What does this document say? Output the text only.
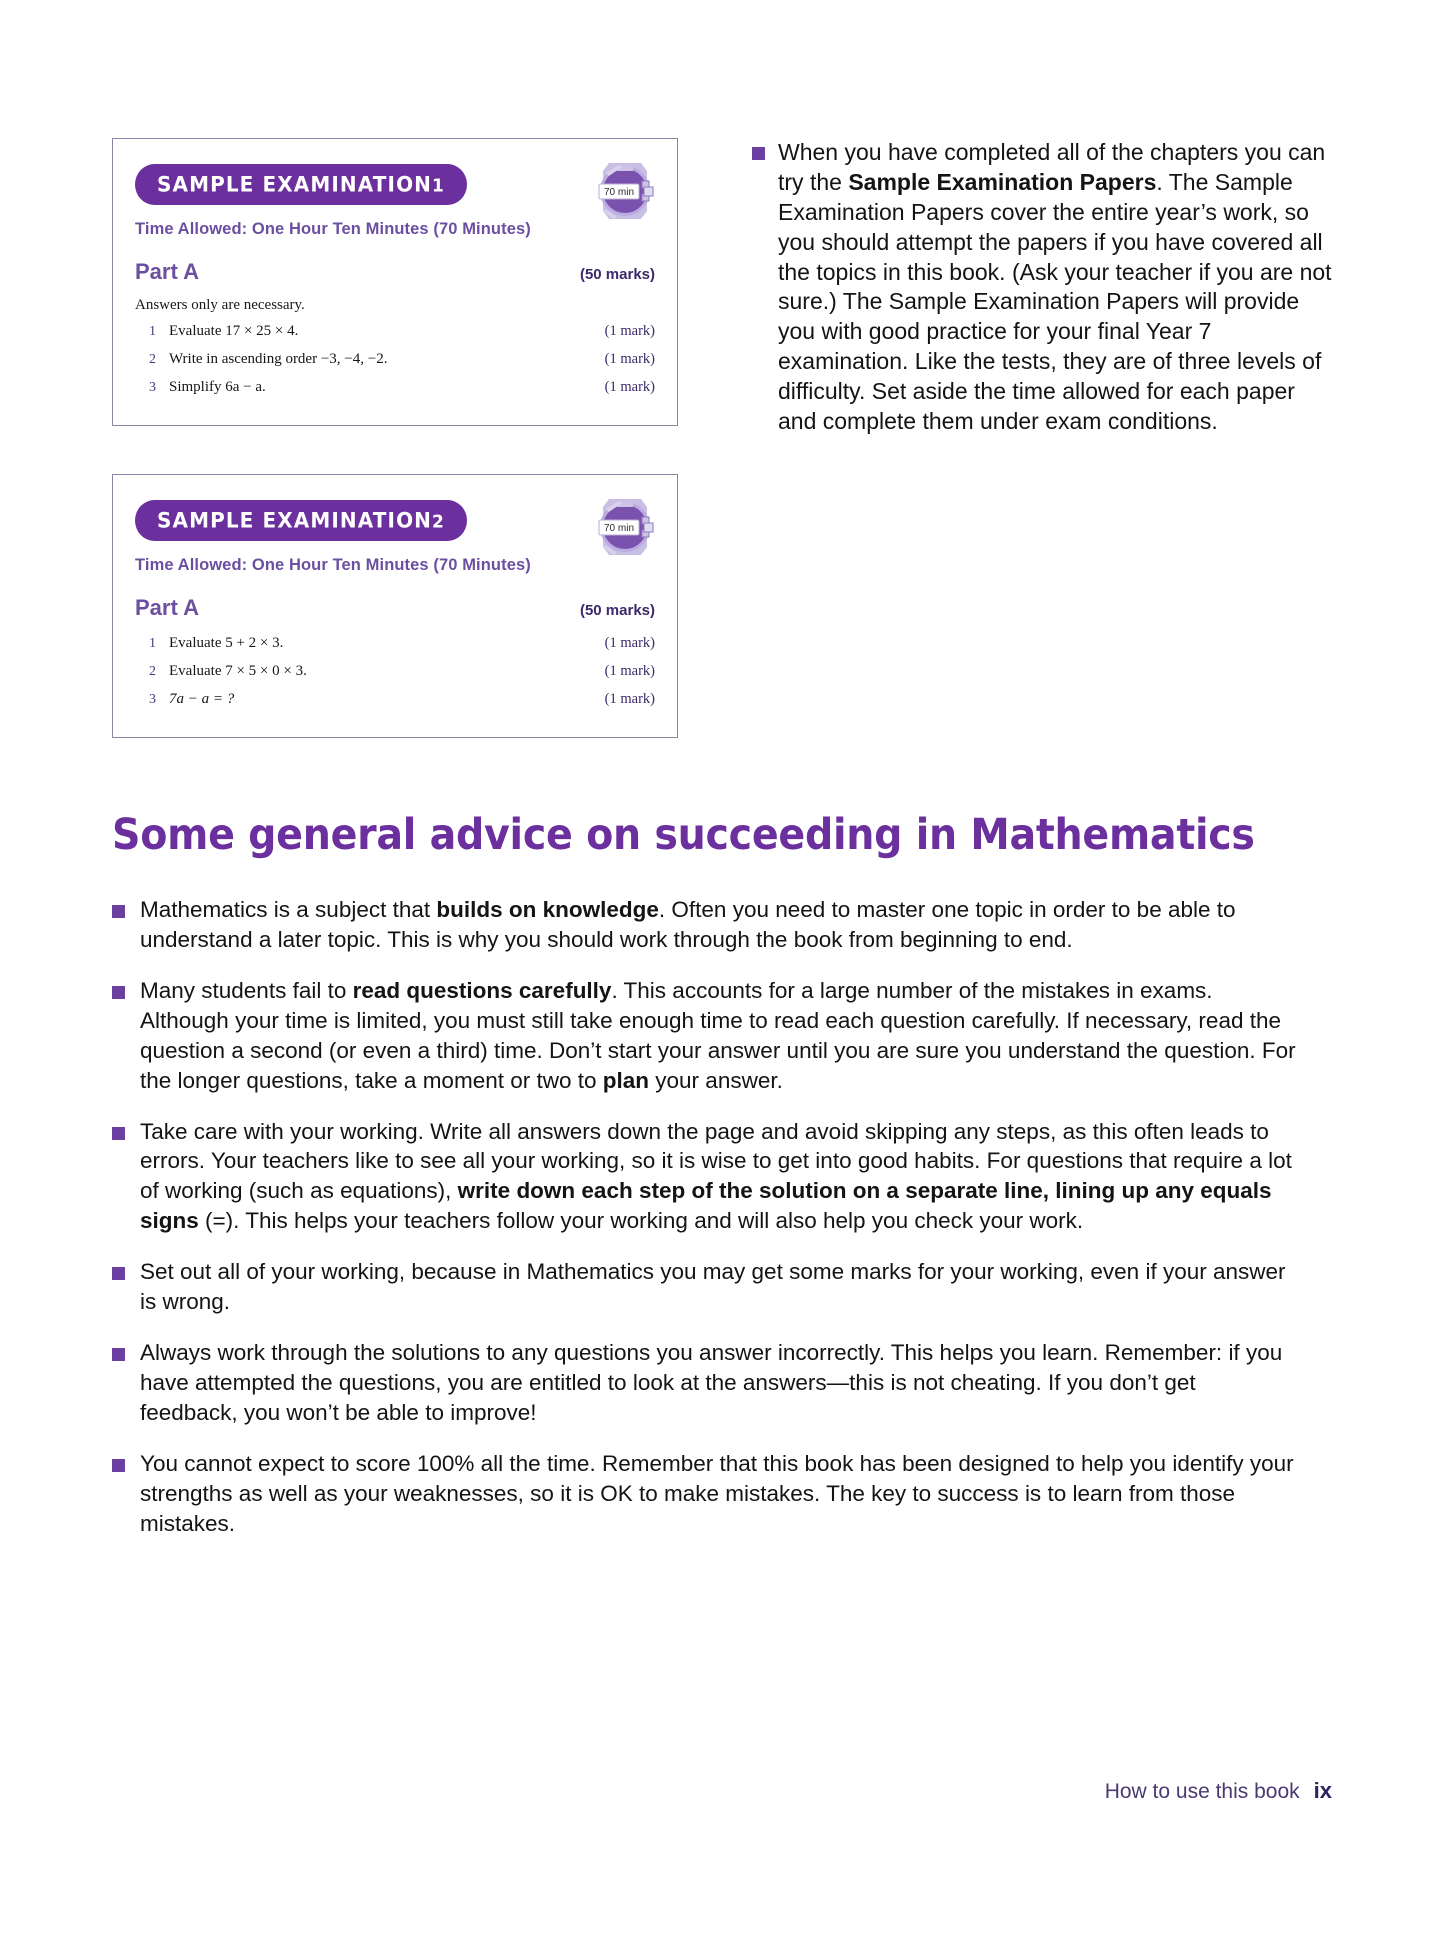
70 min
SAMPLE EXAMINATION1
Time Allowed: One Hour Ten Minutes (70 Minutes)
Part A	(50 marks)
Answers only are necessary.
1 Evaluate 17 × 25 × 4.	(1 mark)
2 Write in ascending order −3, −4, −2.	(1 mark)
3 Simplify 6a − a.	(1 mark)
70 min
SAMPLE EXAMINATION2
Time Allowed: One Hour Ten Minutes (70 Minutes)
Part A	(50 marks)
1 Evaluate 5 + 2 × 3.	(1 mark)
2 Evaluate 7 × 5 × 0 × 3.	(1 mark)
3 7a − a = ?	(1 mark)
When you have completed all of the chapters you can try the Sample Examination Papers. The Sample Examination Papers cover the entire year’s work, so you should attempt the papers if you have covered all the topics in this book. (Ask your teacher if you are not sure.) The Sample Examination Papers will provide you with good practice for your final Year 7 examination. Like the tests, they are of three levels of difficulty. Set aside the time allowed for each paper and complete them under exam conditions.
Some general advice on succeeding in Mathematics
Mathematics is a subject that builds on knowledge. Often you need to master one topic in order to be able to understand a later topic. This is why you should work through the book from beginning to end.
Many students fail to read questions carefully. This accounts for a large number of the mistakes in exams. Although your time is limited, you must still take enough time to read each question carefully. If necessary, read the question a second (or even a third) time. Don’t start your answer until you are sure you understand the question. For the longer questions, take a moment or two to plan your answer.
Take care with your working. Write all answers down the page and avoid skipping any steps, as this often leads to errors. Your teachers like to see all your working, so it is wise to get into good habits. For questions that require a lot of working (such as equations), write down each step of the solution on a separate line, lining up any equals signs (=). This helps your teachers follow your working and will also help you check your work.
Set out all of your working, because in Mathematics you may get some marks for your working, even if your answer is wrong.
Always work through the solutions to any questions you answer incorrectly. This helps you learn. Remember: if you have attempted the questions, you are entitled to look at the answers—this is not cheating. If you don’t get feedback, you won’t be able to improve!
You cannot expect to score 100% all the time. Remember that this book has been designed to help you identify your strengths as well as your weaknesses, so it is OK to make mistakes. The key to success is to learn from those mistakes.
How to use this book ix
